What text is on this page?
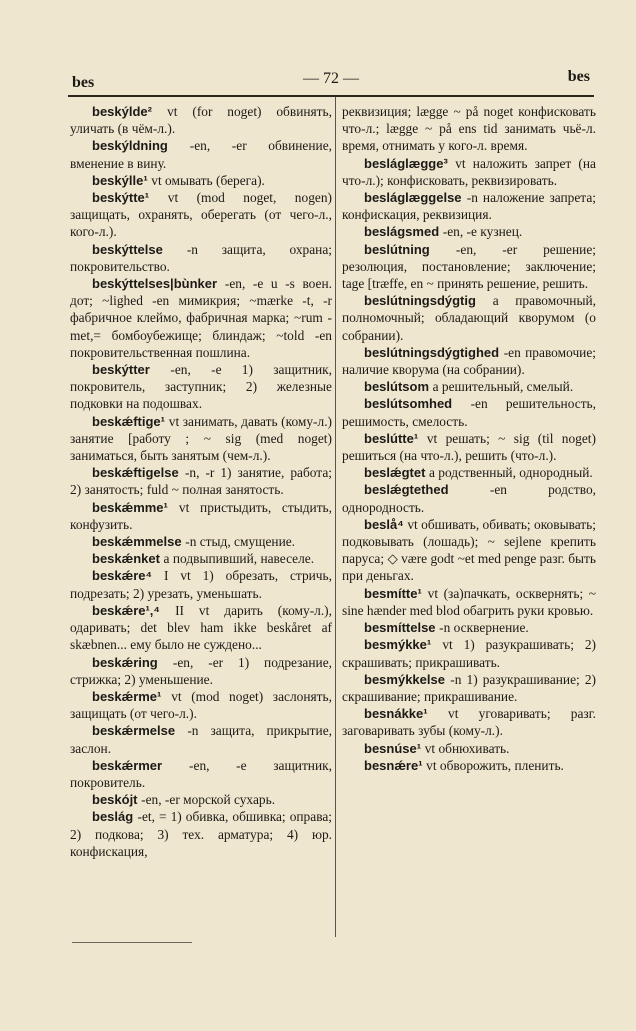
bes	— 72 —	bes
beskýlde² vt (for noget) обвинять, уличать (в чём-л.).
beskýldning -en, -er обвинение, вменение в вину.
beskýlle¹ vt омывать (берега).
beskýtte¹ vt (mod noget, nogen) защищать, охранять, оберегать (от чего-л., кого-л.).
beskýttelse -n защита, охрана; покровительство.
beskýttelses|bùnker -en, -e u -s воен. дот; ~lighed -en мимикрия; ~mærke -t, -r фабричное клеймо, фабричная марка; ~rum -met,= бомбоубежище; блиндаж; ~told -en покровительственная пошлина.
beskýtter -en, -e 1) защитник, покровитель, заступник; 2) железные подковки на подошвах.
beskǽftige¹ vt занимать, давать (кому-л.) занятие [работу ; ~ sig (med noget) заниматься, быть занятым (чем-л.).
beskǽftigelse -n, -r 1) занятие, работа; 2) занятость; fuld ~ полная занятость.
beskǽmme¹ vt пристыдить, стыдить, конфузить.
beskǽmmelse -n стыд, смущение.
beskǽnket a подвыпивший, навеселе.
beskǽre⁴ I vt 1) обрезать, стричь, подрезать; 2) урезать, уменьшать.
beskǽre¹,⁴ II vt дарить (кому-л.), одаривать; det blev ham ikke beskåret af skæbnen... ему было не суждено...
beskǽring -en, -er 1) подрезание, стрижка; 2) уменьшение.
beskǽrme¹ vt (mod noget) заслонять, защищать (от чего-л.).
beskǽrmelse -n защита, прикрытие, заслон.
beskǽrmer -en, -e защитник, покровитель.
beskójt -en, -er морской сухарь.
beslág -et, = 1) обивка, обшивка; оправа; 2) подкова; 3) тех. арматура; 4) юр. конфискация,
реквизиция; lægge ~ på noget конфисковать что-л.; lægge ~ på ens tid занимать чьё-л. время, отнимать у кого-л. время.
besláglægge³ vt наложить запрет (на что-л.); конфисковать, реквизировать.
besláglæggelse -n наложение запрета; конфискация, реквизиция.
beslágsmed -en, -e кузнец.
beslútning -en, -er решение; резолюция, постановление; заключение; tage [træffe, en ~ принять решение, решить.
beslútningsdýgtig a правомочный, полномочный; обладающий кворумом (о собрании).
beslútningsdýgtighed -en правомочие; наличие кворума (на собрании).
beslútsom a решительный, смелый.
beslútsomhed -en решительность, решимость, смелость.
beslútte¹ vt решать; ~ sig (til noget) решиться (на что-л.), решить (что-л.).
beslǽgtet a родственный, однородный.
beslǽgtethed -en родство, однородность.
beslå⁴ vt обшивать, обивать; оковывать; подковывать (лошадь); ~ sejlene крепить паруса; ◇ være godt ~et med penge разг. быть при деньгах.
besmítte¹ vt (за)пачкать, осквернять; ~ sine hænder med blod обагрить руки кровью.
besmíttelse -n осквернение.
besmýkke¹ vt 1) разукрашивать; 2) скрашивать; прикрашивать.
besmýkkelse -n 1) разукрашивание; 2) скрашивание; прикрашивание.
besnákke¹ vt уговаривать; разг. заговаривать зубы (кому-л.).
besnúse¹ vt обнюхивать.
besnǽre¹ vt обворожить, пленить.
